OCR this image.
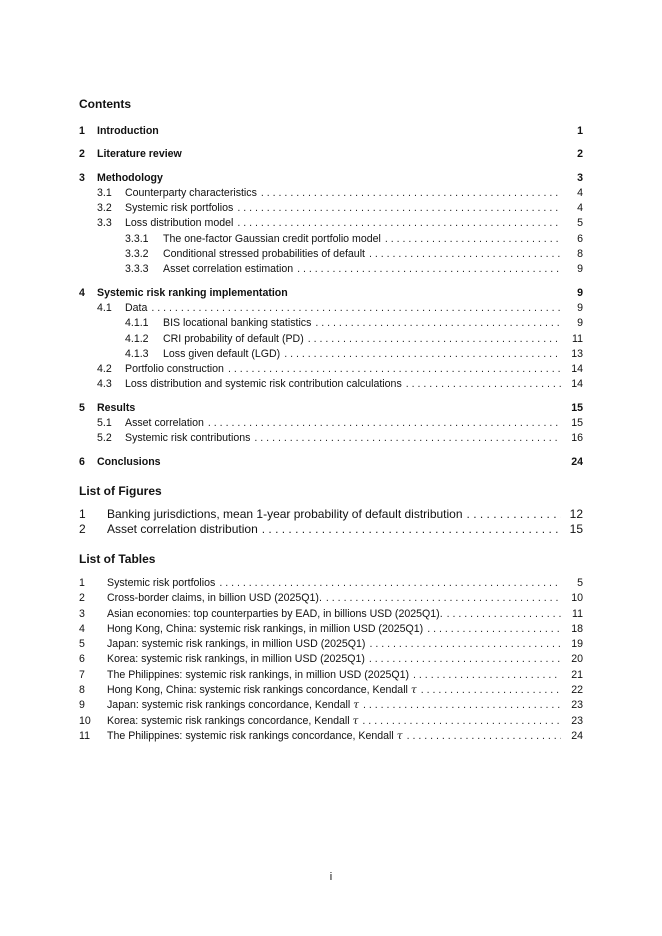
Contents
1	Introduction	1
2	Literature review	2
3	Methodology	3
3.1	Counterparty characteristics . . .	4
3.2	Systemic risk portfolios . . .	4
3.3	Loss distribution model . . .	5
3.3.1	The one-factor Gaussian credit portfolio model . . .	6
3.3.2	Conditional stressed probabilities of default . . .	8
3.3.3	Asset correlation estimation . . .	9
4	Systemic risk ranking implementation	9
4.1	Data . . .	9
4.1.1	BIS locational banking statistics . . .	9
4.1.2	CRI probability of default (PD) . . .	11
4.1.3	Loss given default (LGD) . . .	13
4.2	Portfolio construction . . .	14
4.3	Loss distribution and systemic risk contribution calculations . . .	14
5	Results	15
5.1	Asset correlation . . .	15
5.2	Systemic risk contributions . . .	16
6	Conclusions	24
List of Figures
1	Banking jurisdictions, mean 1-year probability of default distribution . . .	12
2	Asset correlation distribution . . .	15
List of Tables
1	Systemic risk portfolios . . .	5
2	Cross-border claims, in billion USD (2025Q1). . . .	10
3	Asian economies: top counterparties by EAD, in billions USD (2025Q1). . . .	11
4	Hong Kong, China: systemic risk rankings, in million USD (2025Q1) . . .	18
5	Japan: systemic risk rankings, in million USD (2025Q1) . . .	19
6	Korea: systemic risk rankings, in million USD (2025Q1) . . .	20
7	The Philippines: systemic risk rankings, in million USD (2025Q1) . . .	21
8	Hong Kong, China: systemic risk rankings concordance, Kendall τ . . .	22
9	Japan: systemic risk rankings concordance, Kendall τ . . .	23
10	Korea: systemic risk rankings concordance, Kendall τ . . .	23
11	The Philippines: systemic risk rankings concordance, Kendall τ . . .	24
i
